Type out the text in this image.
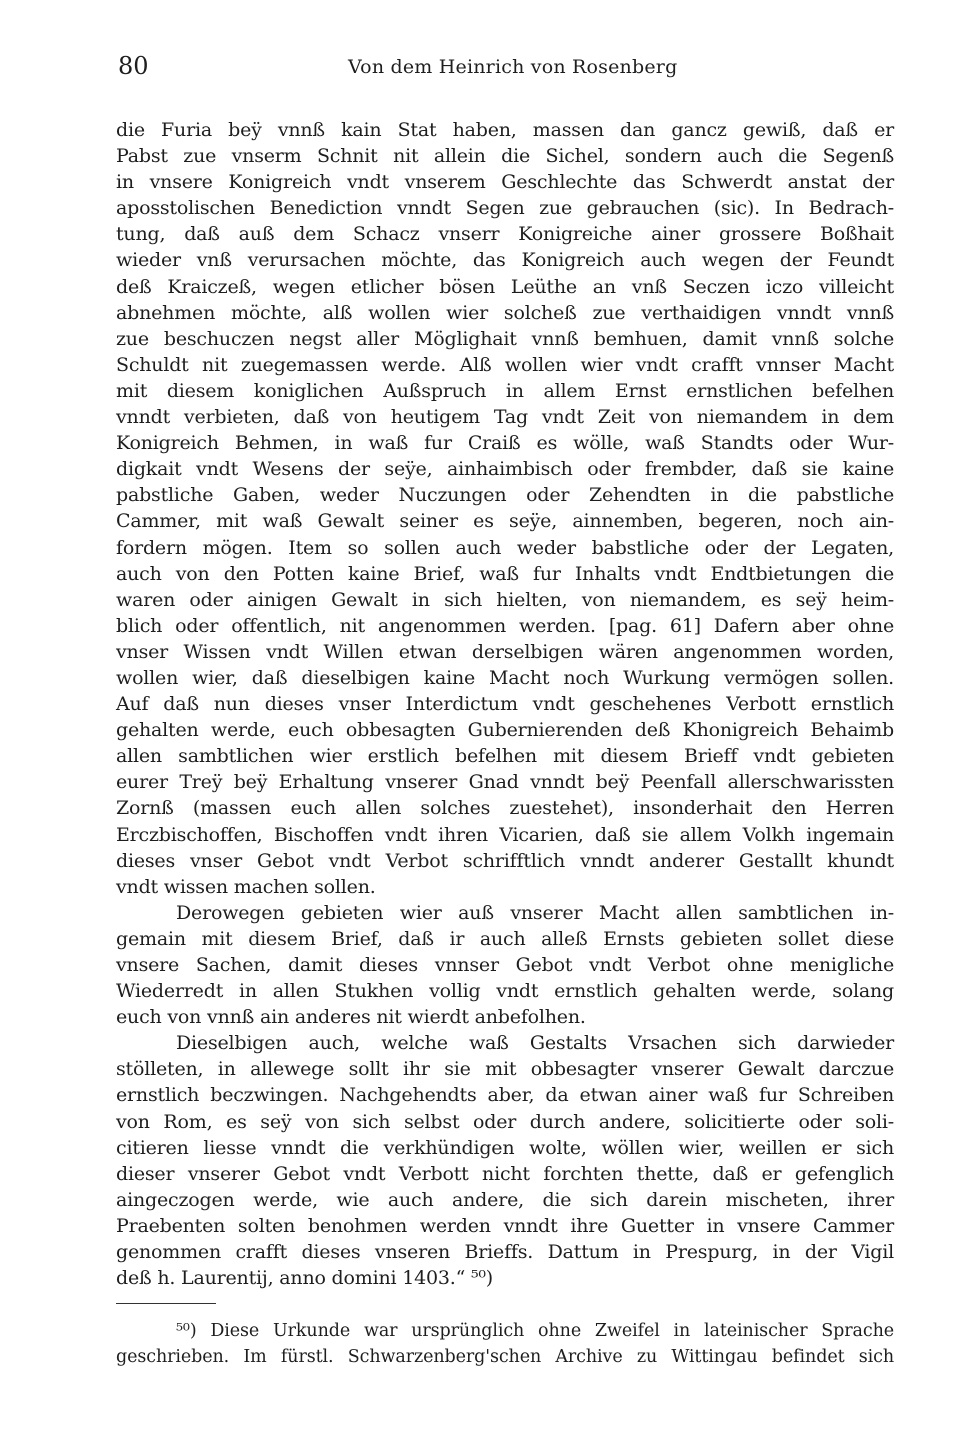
80	Von dem Heinrich von Rosenberg
die Furia beÿ vnnß kain Stat haben, massen dan gancz gewiß, daß er
Pabst zue vnserm Schnit nit allein die Sichel, sondern auch die Segenß
in vnsere Konigreich vndt vnserem Geschlechte das Schwerdt anstat der
aposstolischen Benediction vnndt Segen zue gebrauchen (sic). In Bedrach-
tung, daß auß dem Schacz vnserr Konigreiche ainer grossere Boßhait
wieder vnß verursachen möchte, das Konigreich auch wegen der Feundt
deß Kraiczeß, wegen etlicher bösen Leüthe an vnß Seczen iczo villeicht
abnehmen möchte, alß wollen wier solcheß zue verthaidigen vnndt vnnß
zue beschuczen negst aller Möglighait vnnß bemhuen, damit vnnß solche
Schuldt nit zuegemassen werde. Alß wollen wier vndt crafft vnnser Macht
mit diesem koniglichen Außspruch in allem Ernst ernstlichen befelhen
vnndt verbieten, daß von heutigem Tag vndt Zeit von niemandem in dem
Konigreich Behmen, in waß fur Craiß es wölle, waß Standts oder Wur-
digkait vndt Wesens der seÿe, ainhaimbisch oder frembder, daß sie kaine
pabstliche Gaben, weder Nuczungen oder Zehendten in die pabstliche
Cammer, mit waß Gewalt seiner es seÿe, ainnemben, begeren, noch ain-
fordern mögen. Item so sollen auch weder babstliche oder der Legaten,
auch von den Potten kaine Brief, waß fur Inhalts vndt Endtbietungen die
waren oder ainigen Gewalt in sich hielten, von niemandem, es seÿ heim-
blich oder offentlich, nit angenommen werden. [pag. 61] Dafern aber ohne
vnser Wissen vndt Willen etwan derselbigen wären angenommen worden,
wollen wier, daß dieselbigen kaine Macht noch Wurkung vermögen sollen.
Auf daß nun dieses vnser Interdictum vndt geschehenes Verbott ernstlich
gehalten werde, euch obbesagten Gubernierenden deß Khonigreich Behaimb
allen sambtlichen wier erstlich befelhen mit diesem Brieff vndt gebieten
eurer Treÿ beÿ Erhaltung vnserer Gnad vnndt beÿ Peenfall allerschwarissten
Zornß (massen euch allen solches zuestehet), insonderhait den Herren
Erczbischoffen, Bischoffen vndt ihren Vicarien, daß sie allem Volkh ingemain
dieses vnser Gebot vndt Verbot schrifftlich vnndt anderer Gestallt khundt
vndt wissen machen sollen.
Derowegen gebieten wier auß vnserer Macht allen sambtlichen in-
gemain mit diesem Brief, daß ir auch alleß Ernsts gebieten sollet diese
vnsere Sachen, damit dieses vnnser Gebot vndt Verbot ohne menigliche
Wiederredt in allen Stukhen vollig vndt ernstlich gehalten werde, solang
euch von vnnß ain anderes nit wierdt anbefolhen.
Dieselbigen auch, welche waß Gestalts Vrsachen sich darwieder
stölleten, in allewege sollt ihr sie mit obbesagter vnserer Gewalt darczue
ernstlich beczwingen. Nachgehendts aber, da etwan ainer waß fur Schreiben
von Rom, es seÿ von sich selbst oder durch andere, solicitierte oder soli-
citieren liesse vnndt die verkhündigen wolte, wöllen wier, weillen er sich
dieser vnserer Gebot vndt Verbott nicht forchten thette, daß er gefenglich
aingeczogen werde, wie auch andere, die sich darein mischeten, ihrer
Praebenten solten benohmen werden vnndt ihre Guetter in vnsere Cammer
genommen crafft dieses vnseren Brieffs. Dattum in Prespurg, in der Vigil
deß h. Laurentij, anno domini 1403.“ ⁵⁰)
⁵⁰) Diese Urkunde war ursprünglich ohne Zweifel in lateinischer Sprache
geschrieben. Im fürstl. Schwarzenberg'schen Archive zu Wittingau befindet sich
